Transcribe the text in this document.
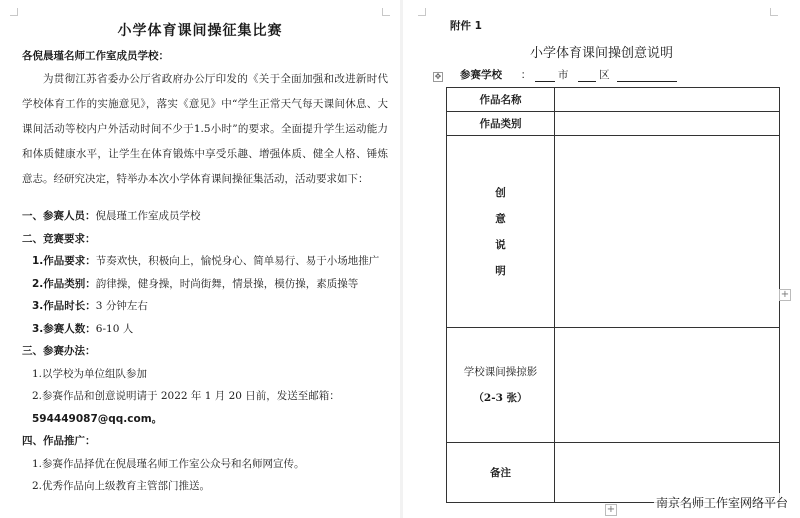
小学体育课间操征集比赛
各倪晨瑾名师工作室成员学校：
为贯彻江苏省委办公厅省政府办公厅印发的《关于全面加强和改进新时代学校体育工作的实施意见》，落实《意见》中“学生正常天气每天课间休息、大课间活动等校内户外活动时间不少于1.5小时”的要求。全面提升学生运动能力和体质健康水平，让学生在体育锻炼中享受乐趣、增强体质、健全人格、锤炼意志。经研究决定，特举办本次小学体育课间操征集活动，活动要求如下：
一、参赛人员：倪晨瑾工作室成员学校
二、竞赛要求：
1.作品要求：节奏欢快，积极向上，愉悦身心、简单易行、易于小场地推广
2.作品类别：韵律操，健身操，时尚街舞，情景操，模仿操，素质操等
3.作品时长：3 分钟左右
3.参赛人数：6-10 人
三、参赛办法：
1.以学校为单位组队参加
2.参赛作品和创意说明请于 2022 年 1 月 20 日前，发送至邮箱：
594449087@qq.com。
四、作品推广：
1.参赛作品择优在倪晨瑾名师工作室公众号和名师网宣传。
2.优秀作品向上级教育主管部门推送。
附件 1
小学体育课间操创意说明
✥ 参赛学校 ：	市	区
作品名称	
作品类别	

创
意
说
明	

学校课间操掠影
（2-3 张）	

备注	
+
+	南京名师工作室网络平台
